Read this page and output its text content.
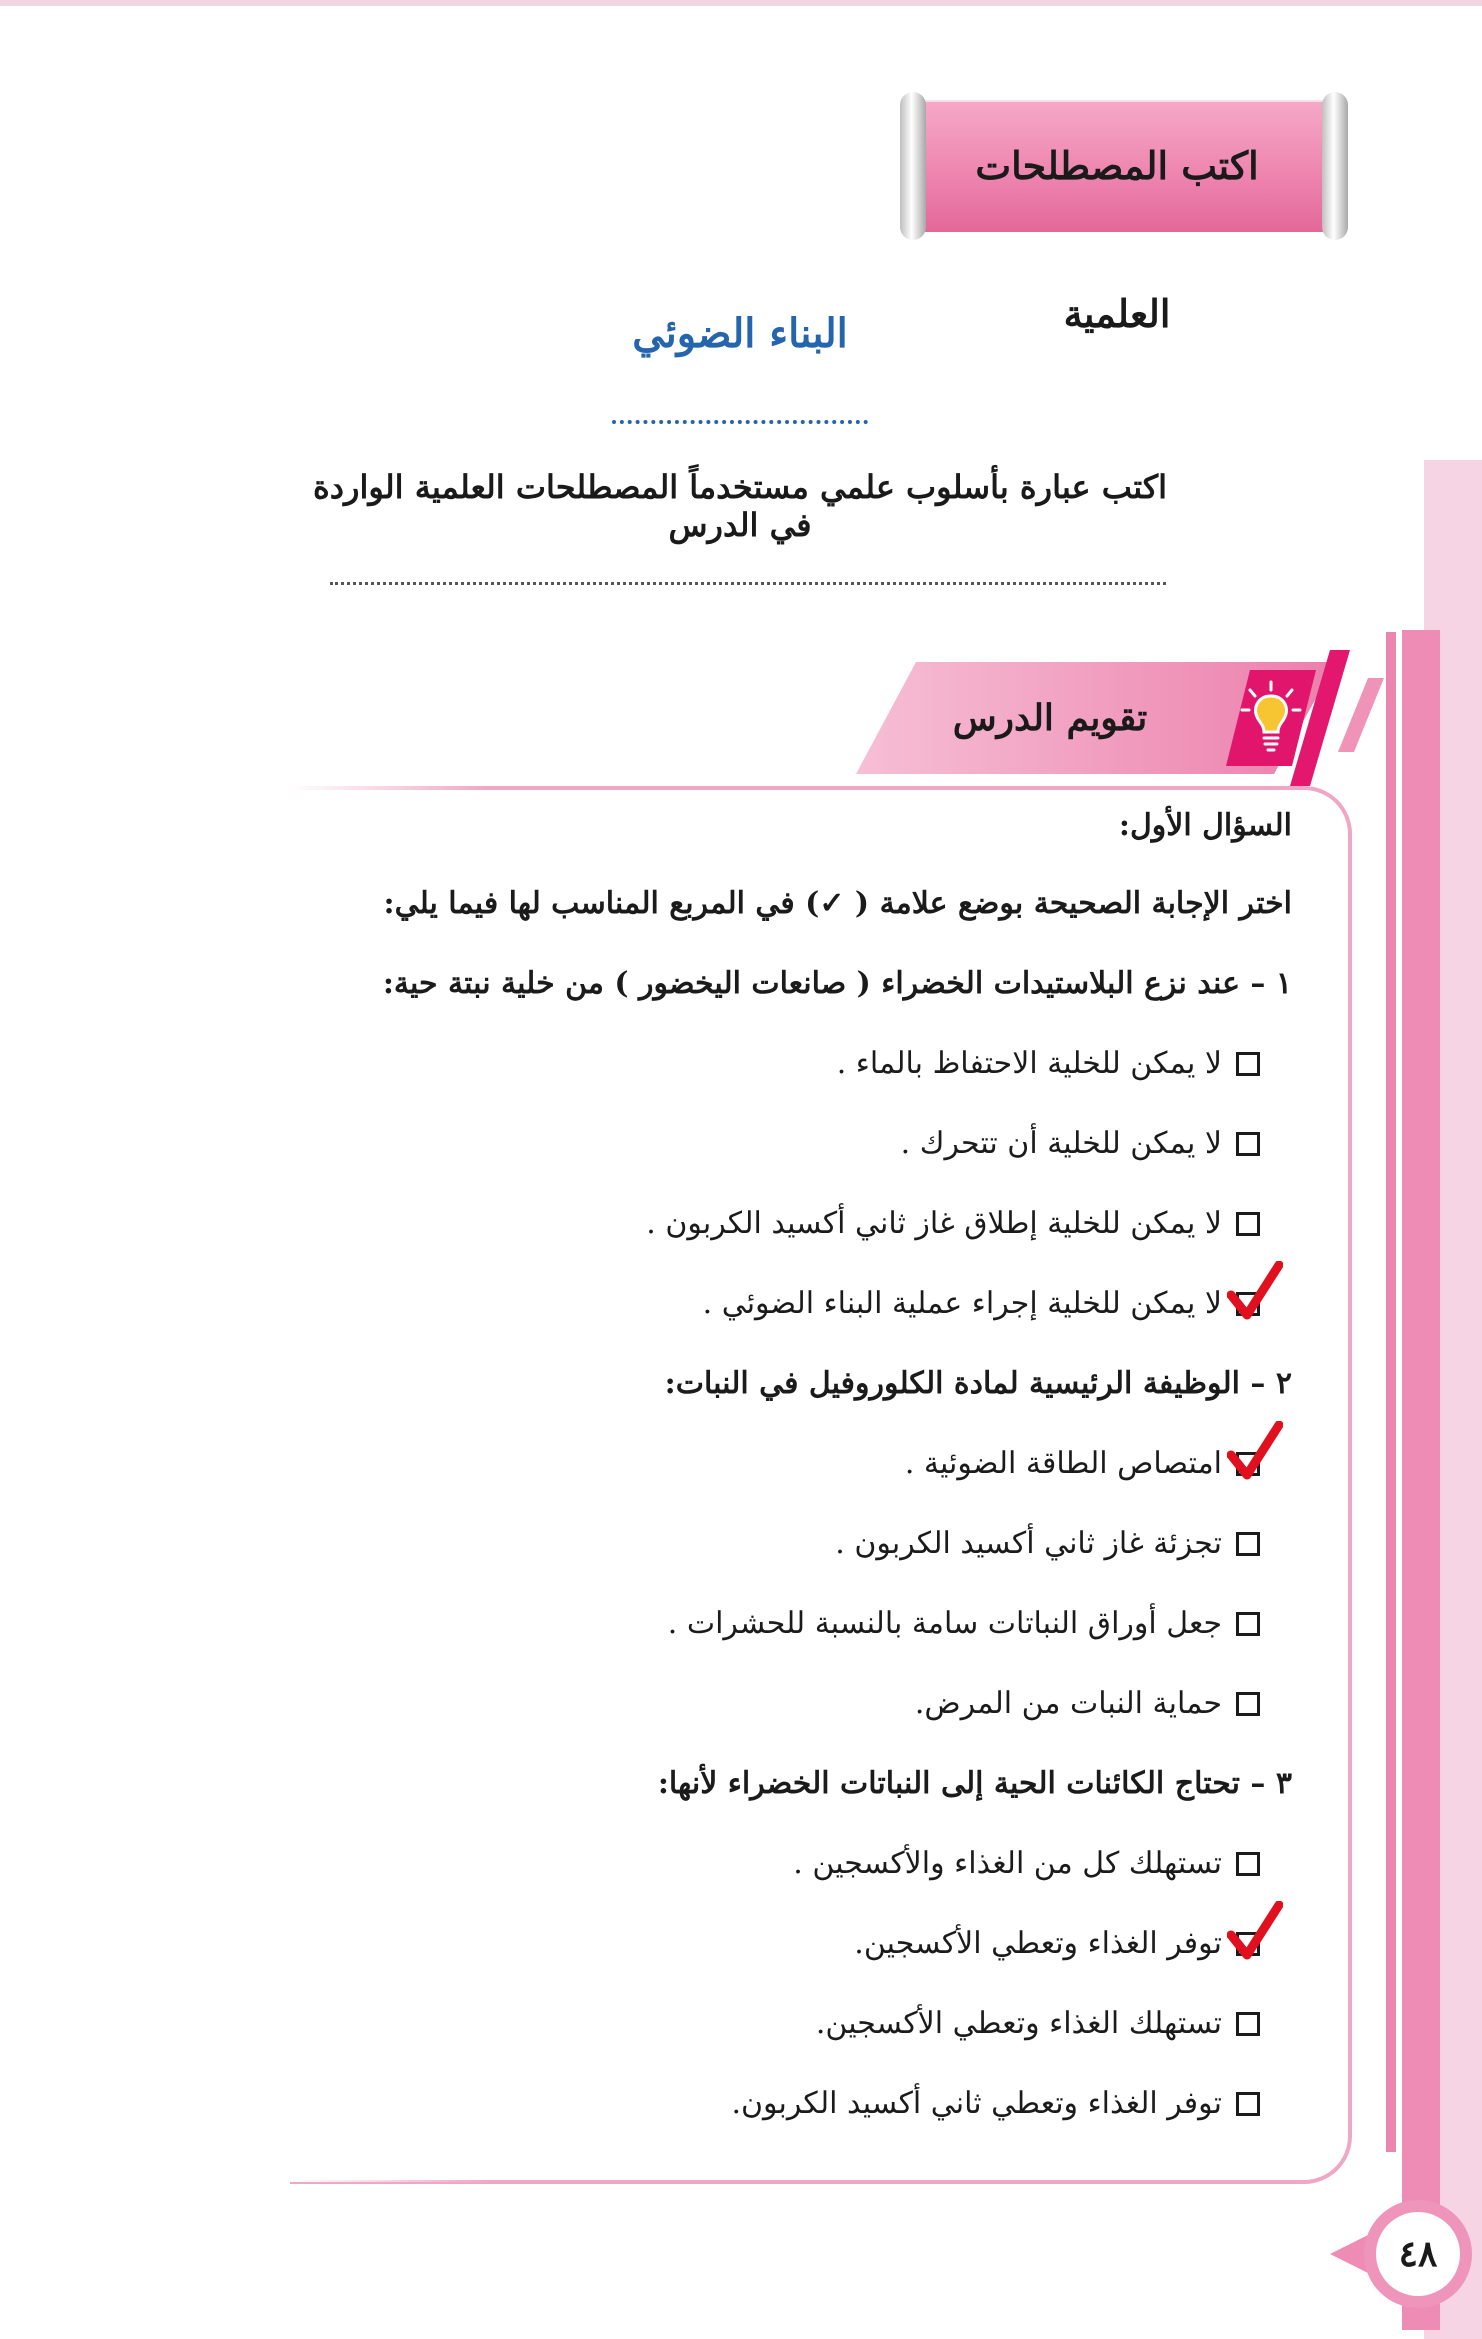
اكتب المصطلحات العلمية
البناء الضوئي
اكتب عبارة بأسلوب علمي مستخدماً المصطلحات العلمية الواردة في الدرس
تقويم الدرس
السؤال الأول:
اختر الإجابة الصحيحة بوضع علامة ( ✓) في المربع المناسب لها فيما يلي:
١ – عند نزع البلاستيدات الخضراء ( صانعات اليخضور ) من خلية نبتة حية:
لا يمكن للخلية الاحتفاظ بالماء .
لا يمكن للخلية أن تتحرك .
لا يمكن للخلية إطلاق غاز ثاني أكسيد الكربون .
لا يمكن للخلية إجراء عملية البناء الضوئي .
٢ – الوظيفة الرئيسية لمادة الكلوروفيل في النبات:
امتصاص الطاقة الضوئية .
تجزئة غاز ثاني أكسيد الكربون .
جعل أوراق النباتات سامة بالنسبة للحشرات .
حماية النبات من المرض.
٣ – تحتاج الكائنات الحية إلى النباتات الخضراء لأنها:
تستهلك كل من الغذاء والأكسجين .
توفر الغذاء وتعطي الأكسجين.
تستهلك الغذاء وتعطي الأكسجين.
توفر الغذاء وتعطي ثاني أكسيد الكربون.
٤٨
